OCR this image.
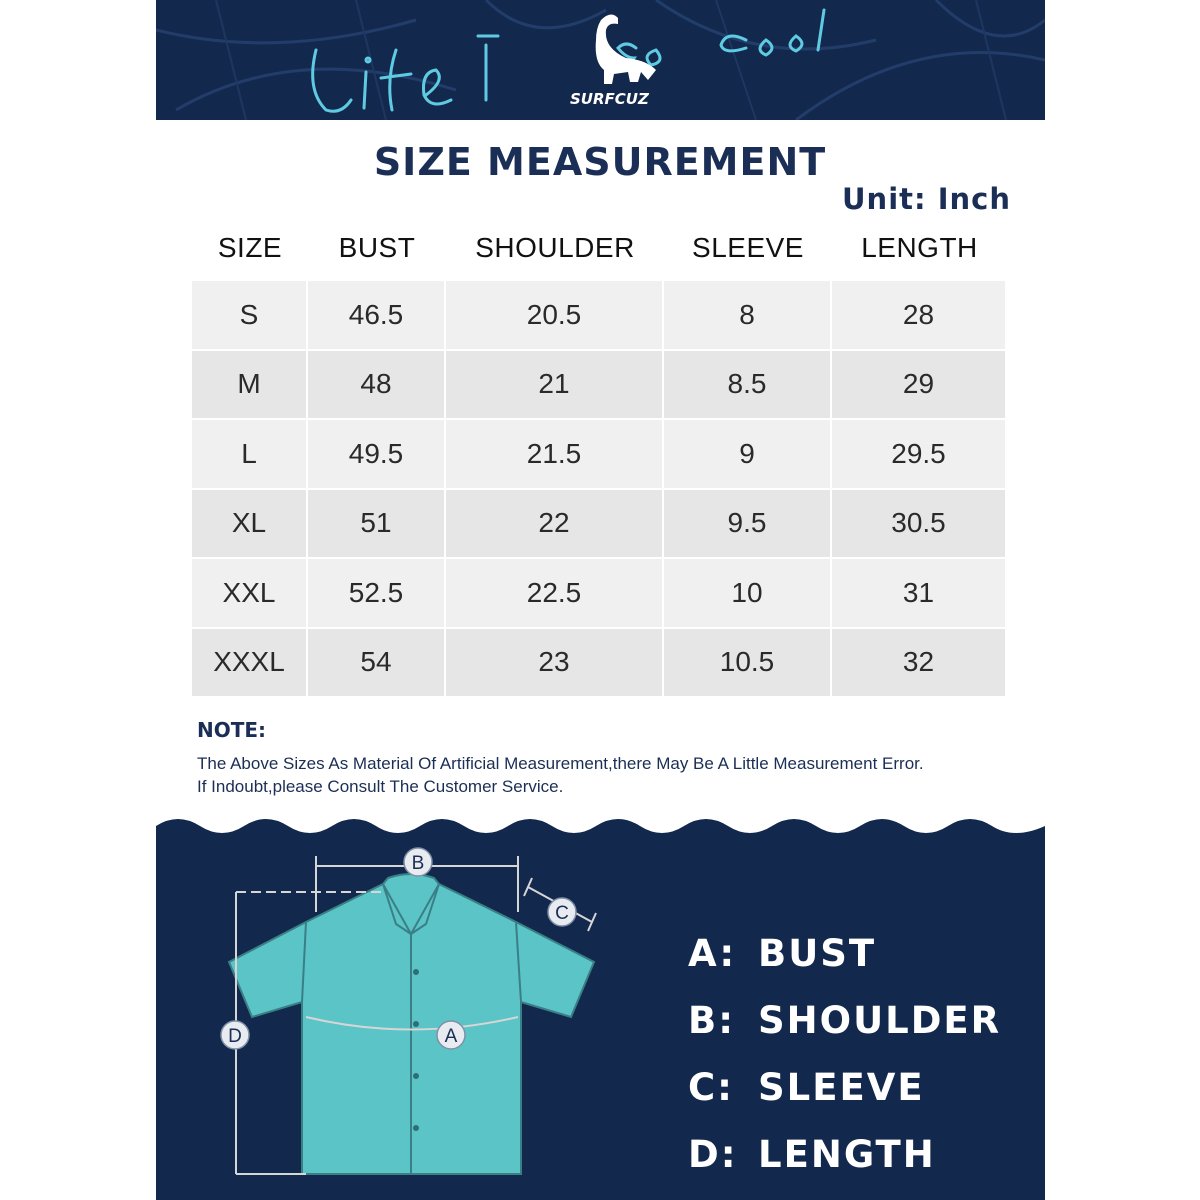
SURFCUZ
SIZE MEASUREMENT
Unit: Inch
SIZE	BUST	SHOULDER	SLEEVE	LENGTH
S	46.5	20.5	8	28
M	48	21	8.5	29
L	49.5	21.5	9	29.5
XL	51	22	9.5	30.5
XXL	52.5	22.5	10	31
XXXL	54	23	10.5	32
NOTE:
The Above Sizes As Material Of Artificial Measurement,there May Be A Little Measurement Error.
If Indoubt,please Consult The Customer Service.
B
C
D	A
A: BUST
B: SHOULDER
C: SLEEVE
D: LENGTH
